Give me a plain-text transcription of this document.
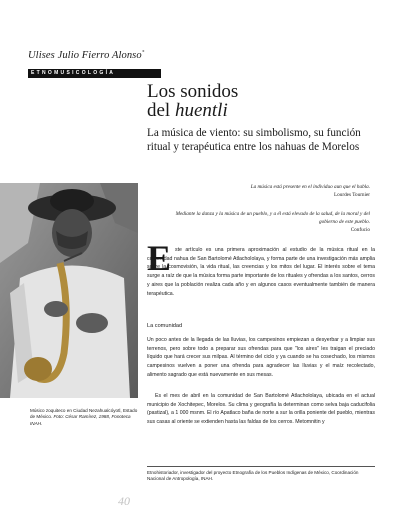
Ulises Julio Fierro Alonso*
ETNOMUSICOLOGÍA
Los sonidos
del huentli
La música de viento: su simbolismo, su función ritual y terapéutica entre los nahuas de Morelos
La música está presente en el individuo aun que el habla.
Lourdes Tournier
Mediante la danza y la música de un pueblo, y a él está elevado de la salud, de la moral y del gobierno de este pueblo.
Confucio
Músico zoquiteco en Ciudad Nezahualcóyotl, Estado de México. Foto: César Ramírez, 1988, Fonoteca INAH.
E ste artículo es una primera aproximación al estudio de la música ritual en la comunidad nahua de San Bartolomé Atlachololaya, y forma parte de una investigación más amplia sobre la cosmovisión, la vida ritual, las creencias y los mitos del lugar. El interés sobre el tema surge a raíz de que la música forma parte importante de los rituales y ofrendas a los santos, cerros y aires que la población realiza cada año y en algunos casos eventualmente también de manera terapéutica.
La comunidad
Un poco antes de la llegada de las lluvias, los campesinos empiezan a desyerbar y a limpiar sus terrenos, pero sobre todo a preparar sus ofrendas para que "los aires" les traigan el preciado líquido que hará crecer sus milpas. Al término del ciclo y ya cuando se ha cosechado, los mismos campesinos vuelven a poner una ofrenda para agradecer las lluvias y el maíz recolectado, alimento sagrado que está nuevamente en sus mesas.
Es el mes de abril en la comunidad de San Bartolomé Atlachololaya, ubicada en el actual municipio de Xochitepec, Morelos. Su clima y geografía la determinan como selva baja caducifolia (pastizal), a 1 000 msnm. El río Apatlaco baña de norte a sur la orilla poniente del pueblo, mientras sus casas al oriente se extienden hasta las faldas de los cerros. Metomnitin y
Etnohistoriador, investigador del proyecto Etnografía de los Pueblos Indígenas de México, Coordinación Nacional de Antropología, INAH.
40
